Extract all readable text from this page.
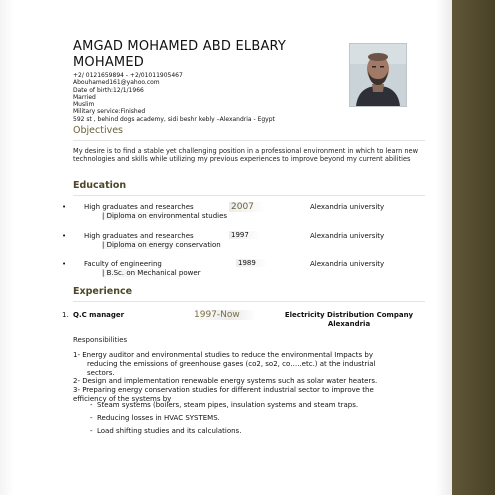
AMGAD MOHAMED ABD ELBARY
MOHAMED
+2/ 0121659894 - +2/01011905467
Abouhamed161@yahoo.com
Date of birth:12/1/1966
Married
Muslim
Military service:Finished
592 st , behind dogs academy, sidi beshr kebly –Alexandria - Egypt
Objectives
My desire is to find a stable yet challenging position in a professional environment in which to learn new technologies and skills while utilizing my previous experiences to improve beyond my current abilities
Education
•	High graduates and researches	2007	Alexandria university
| Diploma on environmental studies
•	High graduates and researches	1997	Alexandria university
| Diploma on energy conservation
•	Faculty of engineering	1989	Alexandria university
| B.Sc. on Mechanical power
Experience
1. Q.C manager	1997-Now	Electricity Distribution Company
Alexandria
Responsibilities
1- Energy auditor and environmental studies to reduce the environmental Impacts by
reducing the emissions of greenhouse gases (co2, so2, co…..etc.) at the industrial
sectors.
2- Design and implementation renewable energy systems such as solar water heaters.
3- Preparing energy conservation studies for different industrial sector to improve the
efficiency of the systems by
- Steam systems (boilers, steam pipes, insulation systems and steam traps.
- Reducing losses in HVAC SYSTEMS.
- Load shifting studies and its calculations.
